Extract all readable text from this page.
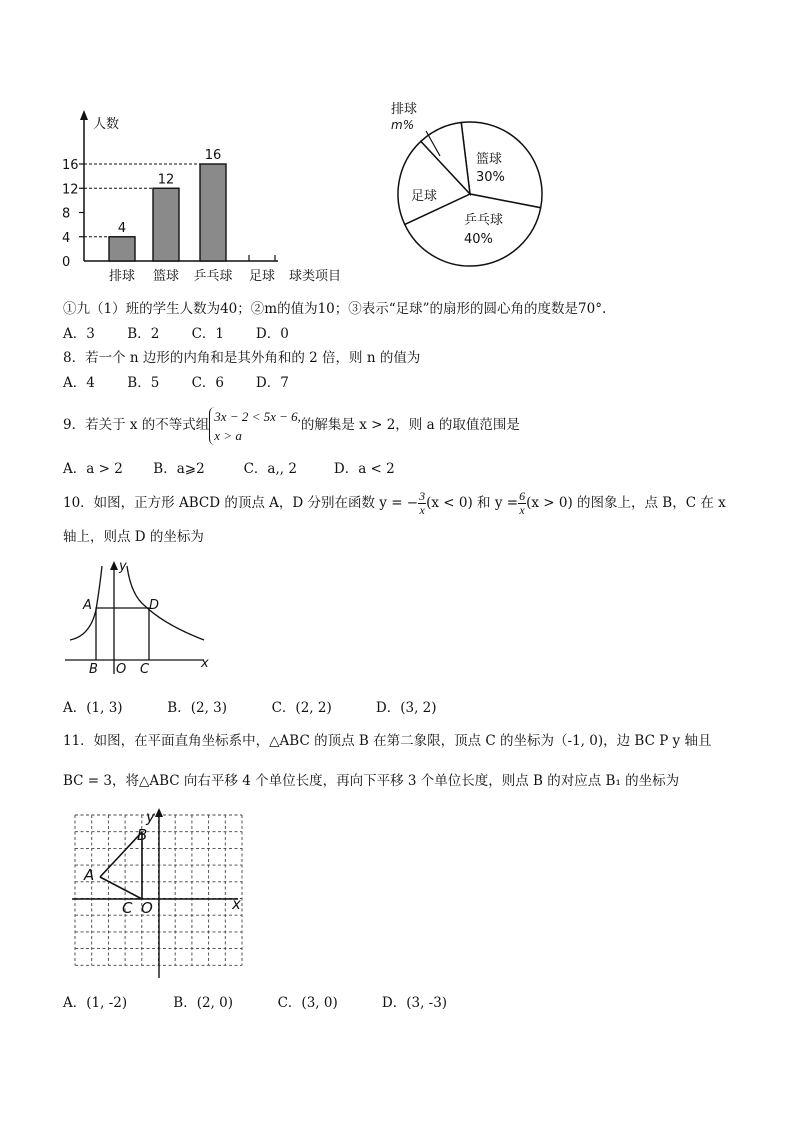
人数
0
4
8
12
16
4
12
16
排球 篮球 乒乓球 足球 球类项目
排球
m%
篮球
30%
乒乓球
40%
足球
①九（1）班的学生人数为40；②m的值为10；③表示“足球”的扇形的圆心角的度数是70°.
A．3 B．2 C．1 D．0
8．若一个 n 边形的内角和是其外角和的 2 倍，则 n 的值为
A．4 B．5 C．6 D．7
9．若关于 x 的不等式组
3x − 2 < 5x − 6,
x > a
的解集是 x > 2，则 a 的取值范围是
A．a > 2 B．a⩾2	C．a,, 2	D．a < 2
10．如图，正方形 ABCD 的顶点 A，D 分别在函数 y = − $\frac{3}{x} (x < 0)$ 和 $y = \frac{6}{x} (x > 0)$ 的图象上，点 B，C 在 x
轴上，则点 D 的坐标为
y
A	D
B O C	x
A．(1, 3)	B．(2, 3)	C．(2, 2)	D．(3, 2)
11．如图，在平面直角坐标系中，△ABC 的顶点 B 在第二象限，顶点 C 的坐标为（-1, 0)，边 BC P y 轴且
BC = 3，将△ABC 向右平移 4 个单位长度，再向下平移 3 个单位长度，则点 B 的对应点 B₁ 的坐标为
y
B
A
C O	x
A．(1, -2)	B．(2, 0)	C．(3, 0)	D．(3, -3)
